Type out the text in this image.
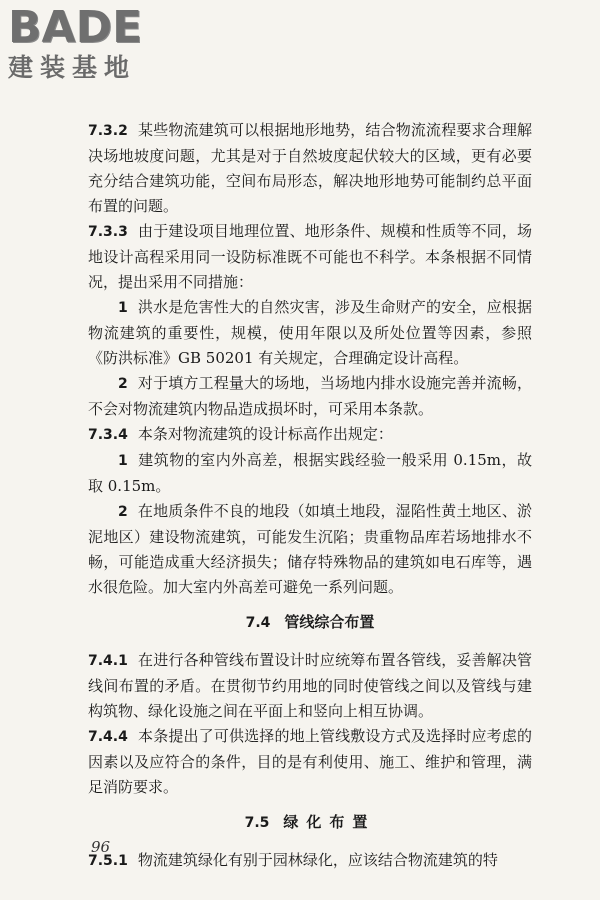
BADE
建装基地

7.3.2 某些物流建筑可以根据地形地势，结合物流流程要求合理解决场地坡度问题，尤其是对于自然坡度起伏较大的区域，更有必要充分结合建筑功能，空间布局形态，解决地形地势可能制约总平面布置的问题。

7.3.3 由于建设项目地理位置、地形条件、规模和性质等不同，场地设计高程采用同一设防标准既不可能也不科学。本条根据不同情况，提出采用不同措施：

1 洪水是危害性大的自然灾害，涉及生命财产的安全，应根据物流建筑的重要性，规模，使用年限以及所处位置等因素，参照《防洪标准》GB 50201 有关规定，合理确定设计高程。

2 对于填方工程量大的场地，当场地内排水设施完善并流畅，不会对物流建筑内物品造成损坏时，可采用本条款。

7.3.4 本条对物流建筑的设计标高作出规定：

1 建筑物的室内外高差，根据实践经验一般采用 0.15m，故取 0.15m。

2 在地质条件不良的地段（如填土地段，湿陷性黄土地区、淤泥地区）建设物流建筑，可能发生沉陷；贵重物品库若场地排水不畅，可能造成重大经济损失；储存特殊物品的建筑如电石库等，遇水很危险。加大室内外高差可避免一系列问题。

7.4 管线综合布置

7.4.1 在进行各种管线布置设计时应统筹布置各管线，妥善解决管线间布置的矛盾。在贯彻节约用地的同时使管线之间以及管线与建构筑物、绿化设施之间在平面上和竖向上相互协调。

7.4.4 本条提出了可供选择的地上管线敷设方式及选择时应考虑的因素以及应符合的条件，目的是有利使用、施工、维护和管理，满足消防要求。

7.5 绿化布置

7.5.1 物流建筑绿化有别于园林绿化，应该结合物流建筑的特

96
